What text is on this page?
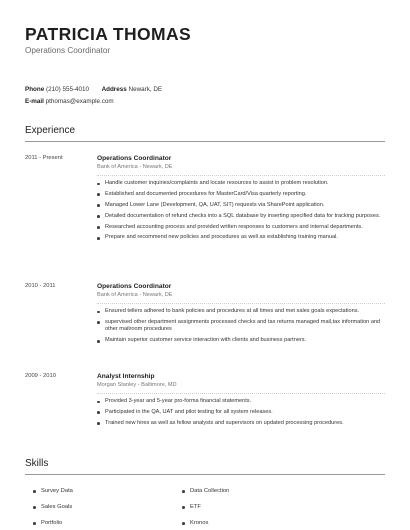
PATRICIA THOMAS
Operations Coordinator
Phone (210) 555-4010 Address Newark, DE
E-mail pthomas@example.com
Experience
2011 - Present	Operations Coordinator
Bank of America - Newark, DE
Handle customer inquiries/complaints and locate resources to assist in problem resolution.
Established and documented procedures for MasterCard/Visa quarterly reporting.
Managed Lower Lane (Development, QA, UAT, SIT) requests via SharePoint application.
Detailed documentation of refund checks into a SQL database by inserting specified data for tracking purposes.
Researched accounting process and provided written responses to customers and internal departments.
Prepare and recommend new policies and procedures as well as establishing training manual.
2010 - 2011	Operations Coordinator
Bank of America - Newark, DE
Ensured tellers adhered to bank policies and procedures at all times and met sales goals expectations.
supervised other department assignments processed checks and tax returns managed mail,tax information and other mailroom procedures
Maintain superior customer service interaction with clients and business partners.
2009 - 2010	Analyst Internship
Morgan Stanley - Baltimore, MD
Provided 3-year and 5-year pro-forma financial statements.
Participated in the QA, UAT and pilot testing for all system releases.
Trained new hires as well as fellow analysts and supervisors on updated processing procedures.
Skills
Survey Data	Data Collection
Sales Goals	ETF
Portfolio	Kronos
